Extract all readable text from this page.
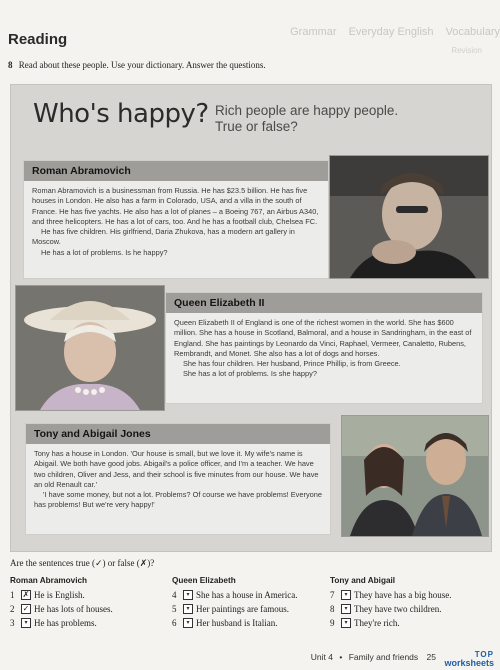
Grammar Everyday English Vocabulary
Revision
Reading
8 Read about these people. Use your dictionary. Answer the questions.
Who's happy? Rich people are happy people.
True or false?
Roman Abramovich

Roman Abramovich is a businessman from Russia. He has $23.5 billion. He has five houses in London. He also has a farm in Colorado, USA, and a villa in the south of France. He has five yachts. He also has a lot of planes – a Boeing 767, an Airbus A340, and three helicopters. He has a lot of cars, too. And he has a football club, Chelsea FC.

He has five children. His girlfriend, Daria Zhukova, has a modern art gallery in Moscow.

He has a lot of problems. Is he happy?

Queen Elizabeth II

Queen Elizabeth II of England is one of the richest women in the world. She has $600 million. She has a house in Scotland, Balmoral, and a house in Sandringham, in the east of England. She has paintings by Leonardo da Vinci, Raphael, Vermeer, Canaletto, Rubens, Rembrandt, and Monet. She also has a lot of dogs and horses.

She has four children. Her husband, Prince Phillip, is from Greece.

She has a lot of problems. Is she happy?

Tony and Abigail Jones

Tony has a house in London. 'Our house is small, but we love it. My wife's name is Abigail. We both have good jobs. Abigail's a police officer, and I'm a teacher. We have two children, Oliver and Jess, and their school is five minutes from our house. We have an old Renault car.'

'I have some money, but not a lot. Problems? Of course we have problems! Everyone has problems! But we're very happy!'

Are the sentences true (✓) or false (✗)?
Roman Abramovich
1	✗ He is English.
2	✓ He has lots of houses.
3	▾ He has problems.
Queen Elizabeth
4	▾ She has a house in America.
5	▾ Her paintings are famous.
6	▾ Her husband is Italian.
Tony and Abigail
7	▾ They have has a big house.
8	▾ They have two children.
9	▾ They're rich.
Unit 4 • Family and friends 25	TOP
worksheets
